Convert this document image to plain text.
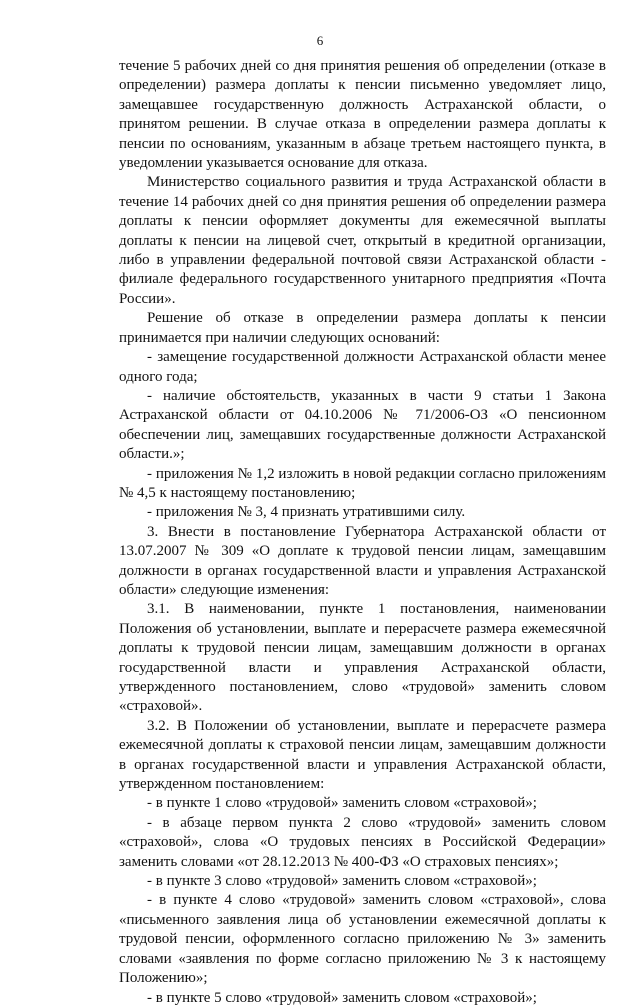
6

течение 5 рабочих дней со дня принятия решения об определении (отказе в определении) размера доплаты к пенсии письменно уведомляет лицо, замещавшее государственную должность Астраханской области, о принятом решении. В случае отказа в определении размера доплаты к пенсии по основаниям, указанным в абзаце третьем настоящего пункта, в уведомлении указывается основание для отказа.

Министерство социального развития и труда Астраханской области в течение 14 рабочих дней со дня принятия решения об определении размера доплаты к пенсии оформляет документы для ежемесячной выплаты доплаты к пенсии на лицевой счет, открытый в кредитной организации, либо в управлении федеральной почтовой связи Астраханской области - филиале федерального государственного унитарного предприятия «Почта России».

Решение об отказе в определении размера доплаты к пенсии принимается при наличии следующих оснований:

- замещение государственной должности Астраханской области менее одного года;

- наличие обстоятельств, указанных в части 9 статьи 1 Закона Астраханской области от 04.10.2006 № 71/2006-ОЗ «О пенсионном обеспечении лиц, замещавших государственные должности Астраханской области.»;

- приложения № 1,2 изложить в новой редакции согласно приложениям № 4,5 к настоящему постановлению;

- приложения № 3, 4 признать утратившими силу.

3. Внести в постановление Губернатора Астраханской области от 13.07.2007 № 309 «О доплате к трудовой пенсии лицам, замещавшим должности в органах государственной власти и управления Астраханской области» следующие изменения:

3.1. В наименовании, пункте 1 постановления, наименовании Положения об установлении, выплате и перерасчете размера ежемесячной доплаты к трудовой пенсии лицам, замещавшим должности в органах государственной власти и управления Астраханской области, утвержденного постановлением, слово «трудовой» заменить словом «страховой».

3.2. В Положении об установлении, выплате и перерасчете размера ежемесячной доплаты к страховой пенсии лицам, замещавшим должности в органах государственной власти и управления Астраханской области, утвержденном постановлением:

- в пункте 1 слово «трудовой» заменить словом «страховой»;

- в абзаце первом пункта 2 слово «трудовой» заменить словом «страховой», слова «О трудовых пенсиях в Российской Федерации» заменить словами «от 28.12.2013 № 400-ФЗ «О страховых пенсиях»;

- в пункте 3 слово «трудовой» заменить словом «страховой»;

- в пункте 4 слово «трудовой» заменить словом «страховой», слова «письменного заявления лица об установлении ежемесячной доплаты к трудовой пенсии, оформленного согласно приложению № 3» заменить словами «заявления по форме согласно приложению № 3 к настоящему Положению»;

- в пункте 5 слово «трудовой» заменить словом «страховой»;
